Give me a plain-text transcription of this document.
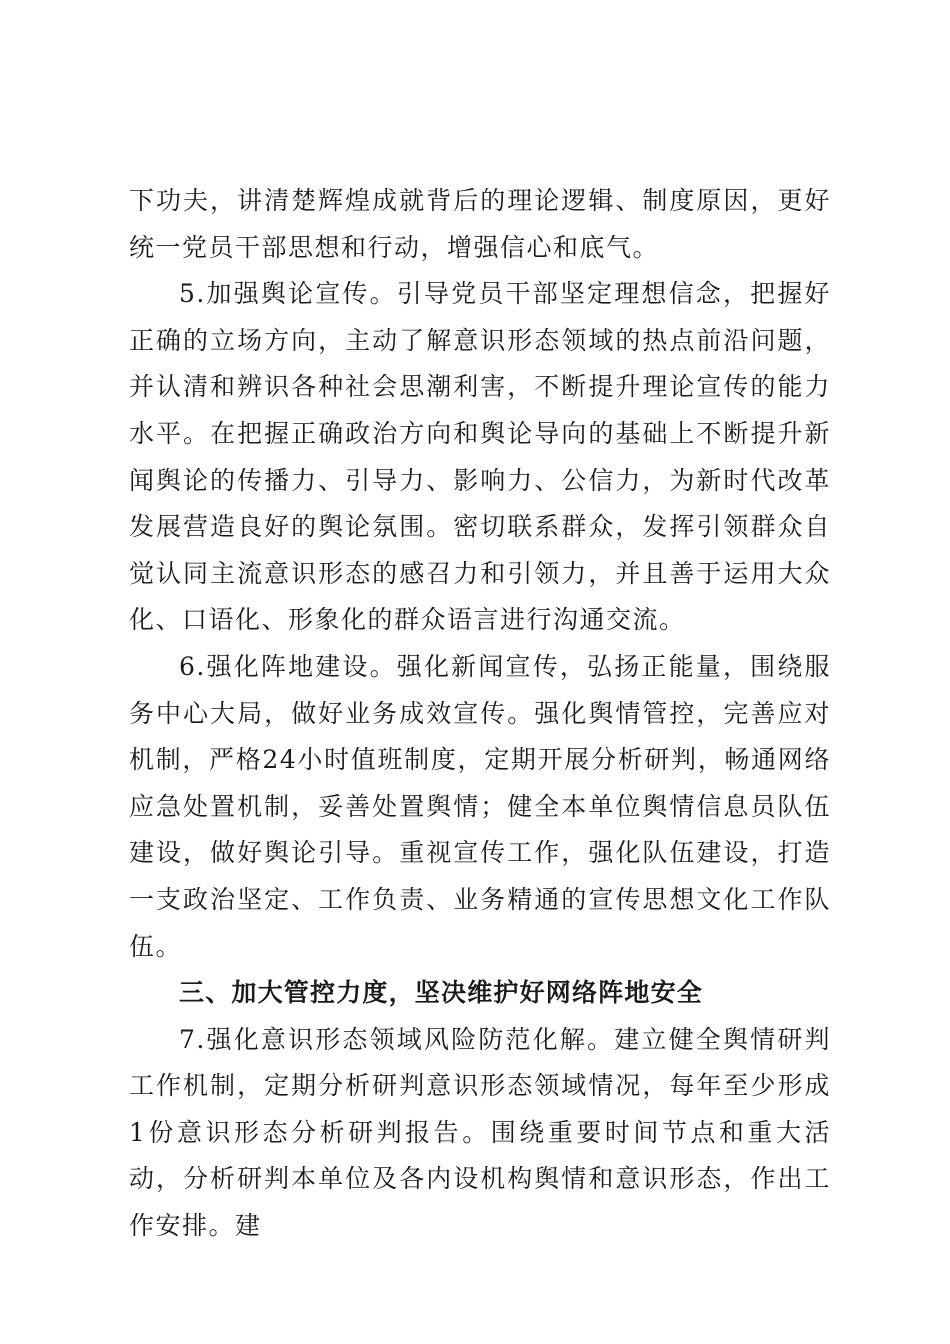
下功夫，讲清楚辉煌成就背后的理论逻辑、制度原因，更好统一党员干部思想和行动，增强信心和底气。

5.加强舆论宣传。引导党员干部坚定理想信念，把握好正确的立场方向，主动了解意识形态领域的热点前沿问题，并认清和辨识各种社会思潮利害，不断提升理论宣传的能力水平。在把握正确政治方向和舆论导向的基础上不断提升新闻舆论的传播力、引导力、影响力、公信力，为新时代改革发展营造良好的舆论氛围。密切联系群众，发挥引领群众自觉认同主流意识形态的感召力和引领力，并且善于运用大众化、口语化、形象化的群众语言进行沟通交流。

6.强化阵地建设。强化新闻宣传，弘扬正能量，围绕服务中心大局，做好业务成效宣传。强化舆情管控，完善应对机制，严格24小时值班制度，定期开展分析研判，畅通网络应急处置机制，妥善处置舆情；健全本单位舆情信息员队伍建设，做好舆论引导。重视宣传工作，强化队伍建设，打造一支政治坚定、工作负责、业务精通的宣传思想文化工作队伍。

三、加大管控力度，坚决维护好网络阵地安全

7.强化意识形态领域风险防范化解。建立健全舆情研判工作机制，定期分析研判意识形态领域情况，每年至少形成1份意识形态分析研判报告。围绕重要时间节点和重大活动，分析研判本单位及各内设机构舆情和意识形态，作出工作安排。建
